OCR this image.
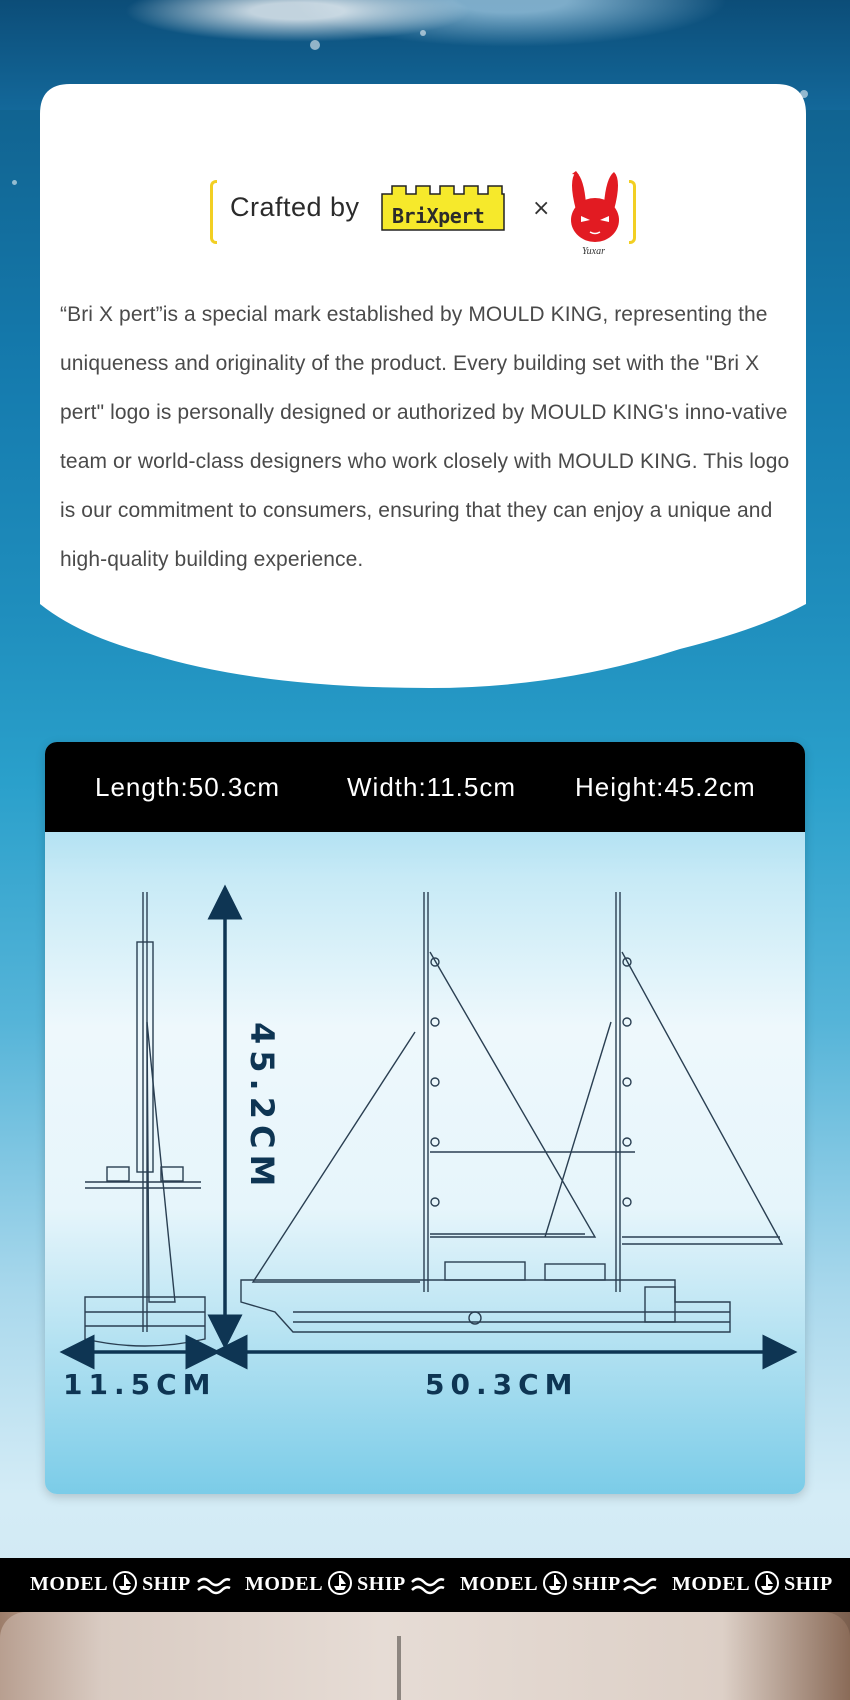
Crafted by BriXpert ×
Yuxar

“Bri X pert”is a special mark established by MOULD KING, representing the uniqueness and originality of the product. Every building set with the "Bri X pert" logo is personally designed or authorized by MOULD KING's inno-vative team or world-class designers who work closely with MOULD KING. This logo is our commitment to consumers, ensuring that they can enjoy a unique and high-quality building experience.

Length:50.3cm	Width:11.5cm Height:45.2cm
45.2CM
11.5CM	50.3CM
MODEL SHIP	MODEL SHIP	MODEL SHIP	MODEL SHIP
